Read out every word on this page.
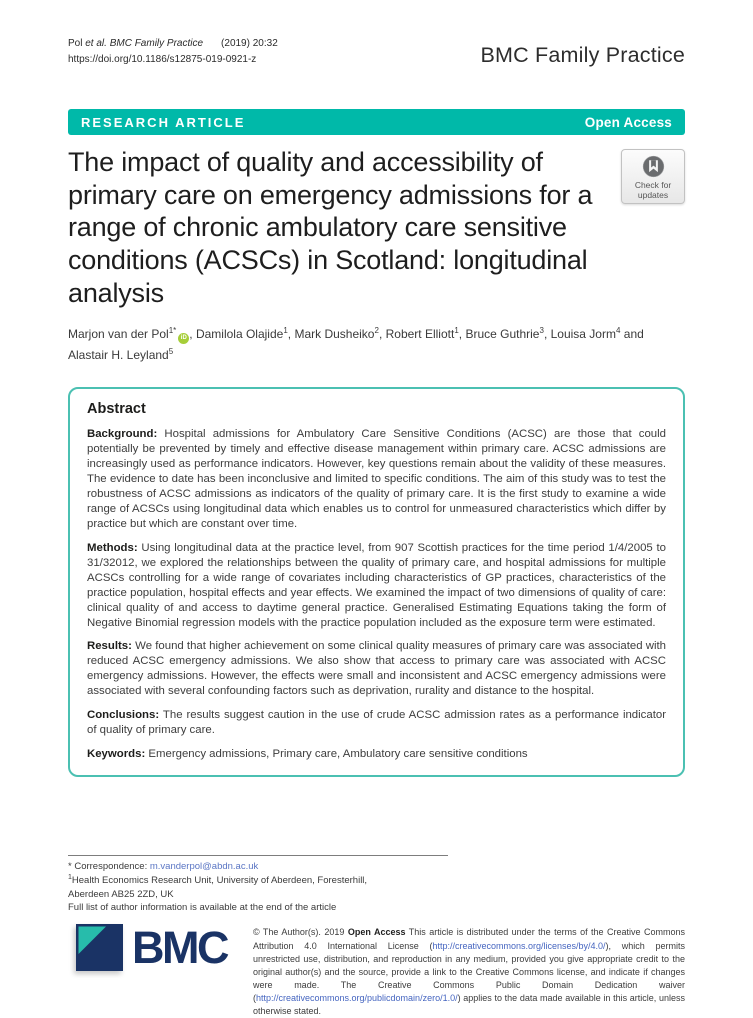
Pol et al. BMC Family Practice (2019) 20:32
https://doi.org/10.1186/s12875-019-0921-z	BMC Family Practice
RESEARCH ARTICLE	Open Access
The impact of quality and accessibility of primary care on emergency admissions for a range of chronic ambulatory care sensitive conditions (ACSCs) in Scotland: longitudinal analysis
Check for
updates

Marjon van der Pol$^{1*}$iD , Damilola Olajide$^1$, Mark Dusheiko$^2$, Robert Elliott$^1$, Bruce Guthrie$^3$, Louisa Jorm$^4$ and Alastair H. Leyland$^5$

Abstract

Background: Hospital admissions for Ambulatory Care Sensitive Conditions (ACSC) are those that could potentially be prevented by timely and effective disease management within primary care. ACSC admissions are increasingly used as performance indicators. However, key questions remain about the validity of these measures. The evidence to date has been inconclusive and limited to specific conditions. The aim of this study was to test the robustness of ACSC admissions as indicators of the quality of primary care. It is the first study to examine a wide range of ACSCs using longitudinal data which enables us to control for unmeasured characteristics which differ by practice but which are constant over time.

Methods: Using longitudinal data at the practice level, from 907 Scottish practices for the time period 1/4/2005 to 31/32012, we explored the relationships between the quality of primary care, and hospital admissions for multiple ACSCs controlling for a wide range of covariates including characteristics of GP practices, characteristics of the practice population, hospital effects and year effects. We examined the impact of two dimensions of quality of care: clinical quality of and access to daytime general practice. Generalised Estimating Equations taking the form of Negative Binomial regression models with the practice population included as the exposure term were estimated.

Results: We found that higher achievement on some clinical quality measures of primary care was associated with reduced ACSC emergency admissions. We also show that access to primary care was associated with ACSC emergency admissions. However, the effects were small and inconsistent and ACSC emergency admissions were associated with several confounding factors such as deprivation, rurality and distance to the hospital.

Conclusions: The results suggest caution in the use of crude ACSC admission rates as a performance indicator of quality of primary care.

Keywords: Emergency admissions, Primary care, Ambulatory care sensitive conditions

* Correspondence: m.vanderpol@abdn.ac.uk
$^1$Health Economics Research Unit, University of Aberdeen, Foresterhill, Aberdeen AB25 2ZD, UK
Full list of author information is available at the end of the article
BMC	© The Author(s). 2019 Open Access This article is distributed under the terms of the Creative Commons Attribution 4.0 International License (http://creativecommons.org/licenses/by/4.0/), which permits unrestricted use, distribution, and reproduction in any medium, provided you give appropriate credit to the original author(s) and the source, provide a link to the Creative Commons license, and indicate if changes were made. The Creative Commons Public Domain Dedication waiver (http://creativecommons.org/publicdomain/zero/1.0/) applies to the data made available in this article, unless otherwise stated.
